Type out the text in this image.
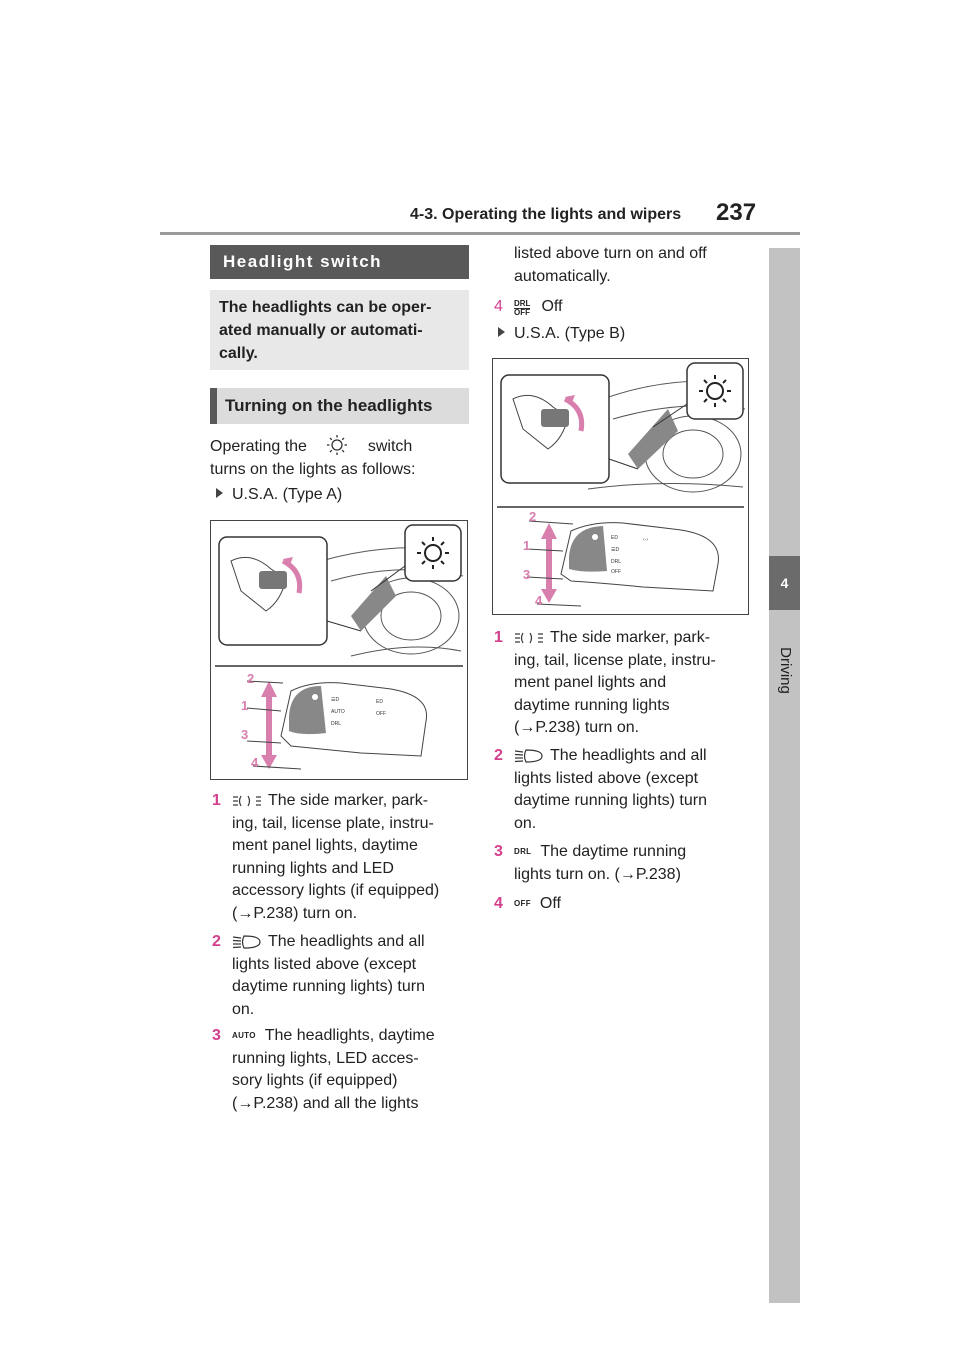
4-3. Operating the lights and wipers 237
4
Driving
Headlight switch
The headlights can be oper-
ated manually or automati-
cally.
Turning on the headlights
Operating the	switch
turns on the lights as follows:
U.S.A. (Type A)
☰D
AUTO
DRL
ED
OFF
2
1
3
4
1	The side marker, park-
ing, tail, license plate, instru-
ment panel lights, daytime
running lights and LED
accessory lights (if equipped)
(→P.238) turn on.
2	The headlights and all
lights listed above (except
daytime running lights) turn
on.
3 AUTO The headlights, daytime
running lights, LED acces-
sory lights (if equipped)
(→P.238) and all the lights
listed above turn on and off
automatically.
4 DRL
OFF Off
U.S.A. (Type B)
ED
☰D
DRL
OFF
‹·›
2
1
3
4
1	The side marker, park-
ing, tail, license plate, instru-
ment panel lights and
daytime running lights
(→P.238) turn on.
2	The headlights and all
lights listed above (except
daytime running lights) turn
on.
3 DRL The daytime running
lights turn on. (→P.238)
4 OFF Off
